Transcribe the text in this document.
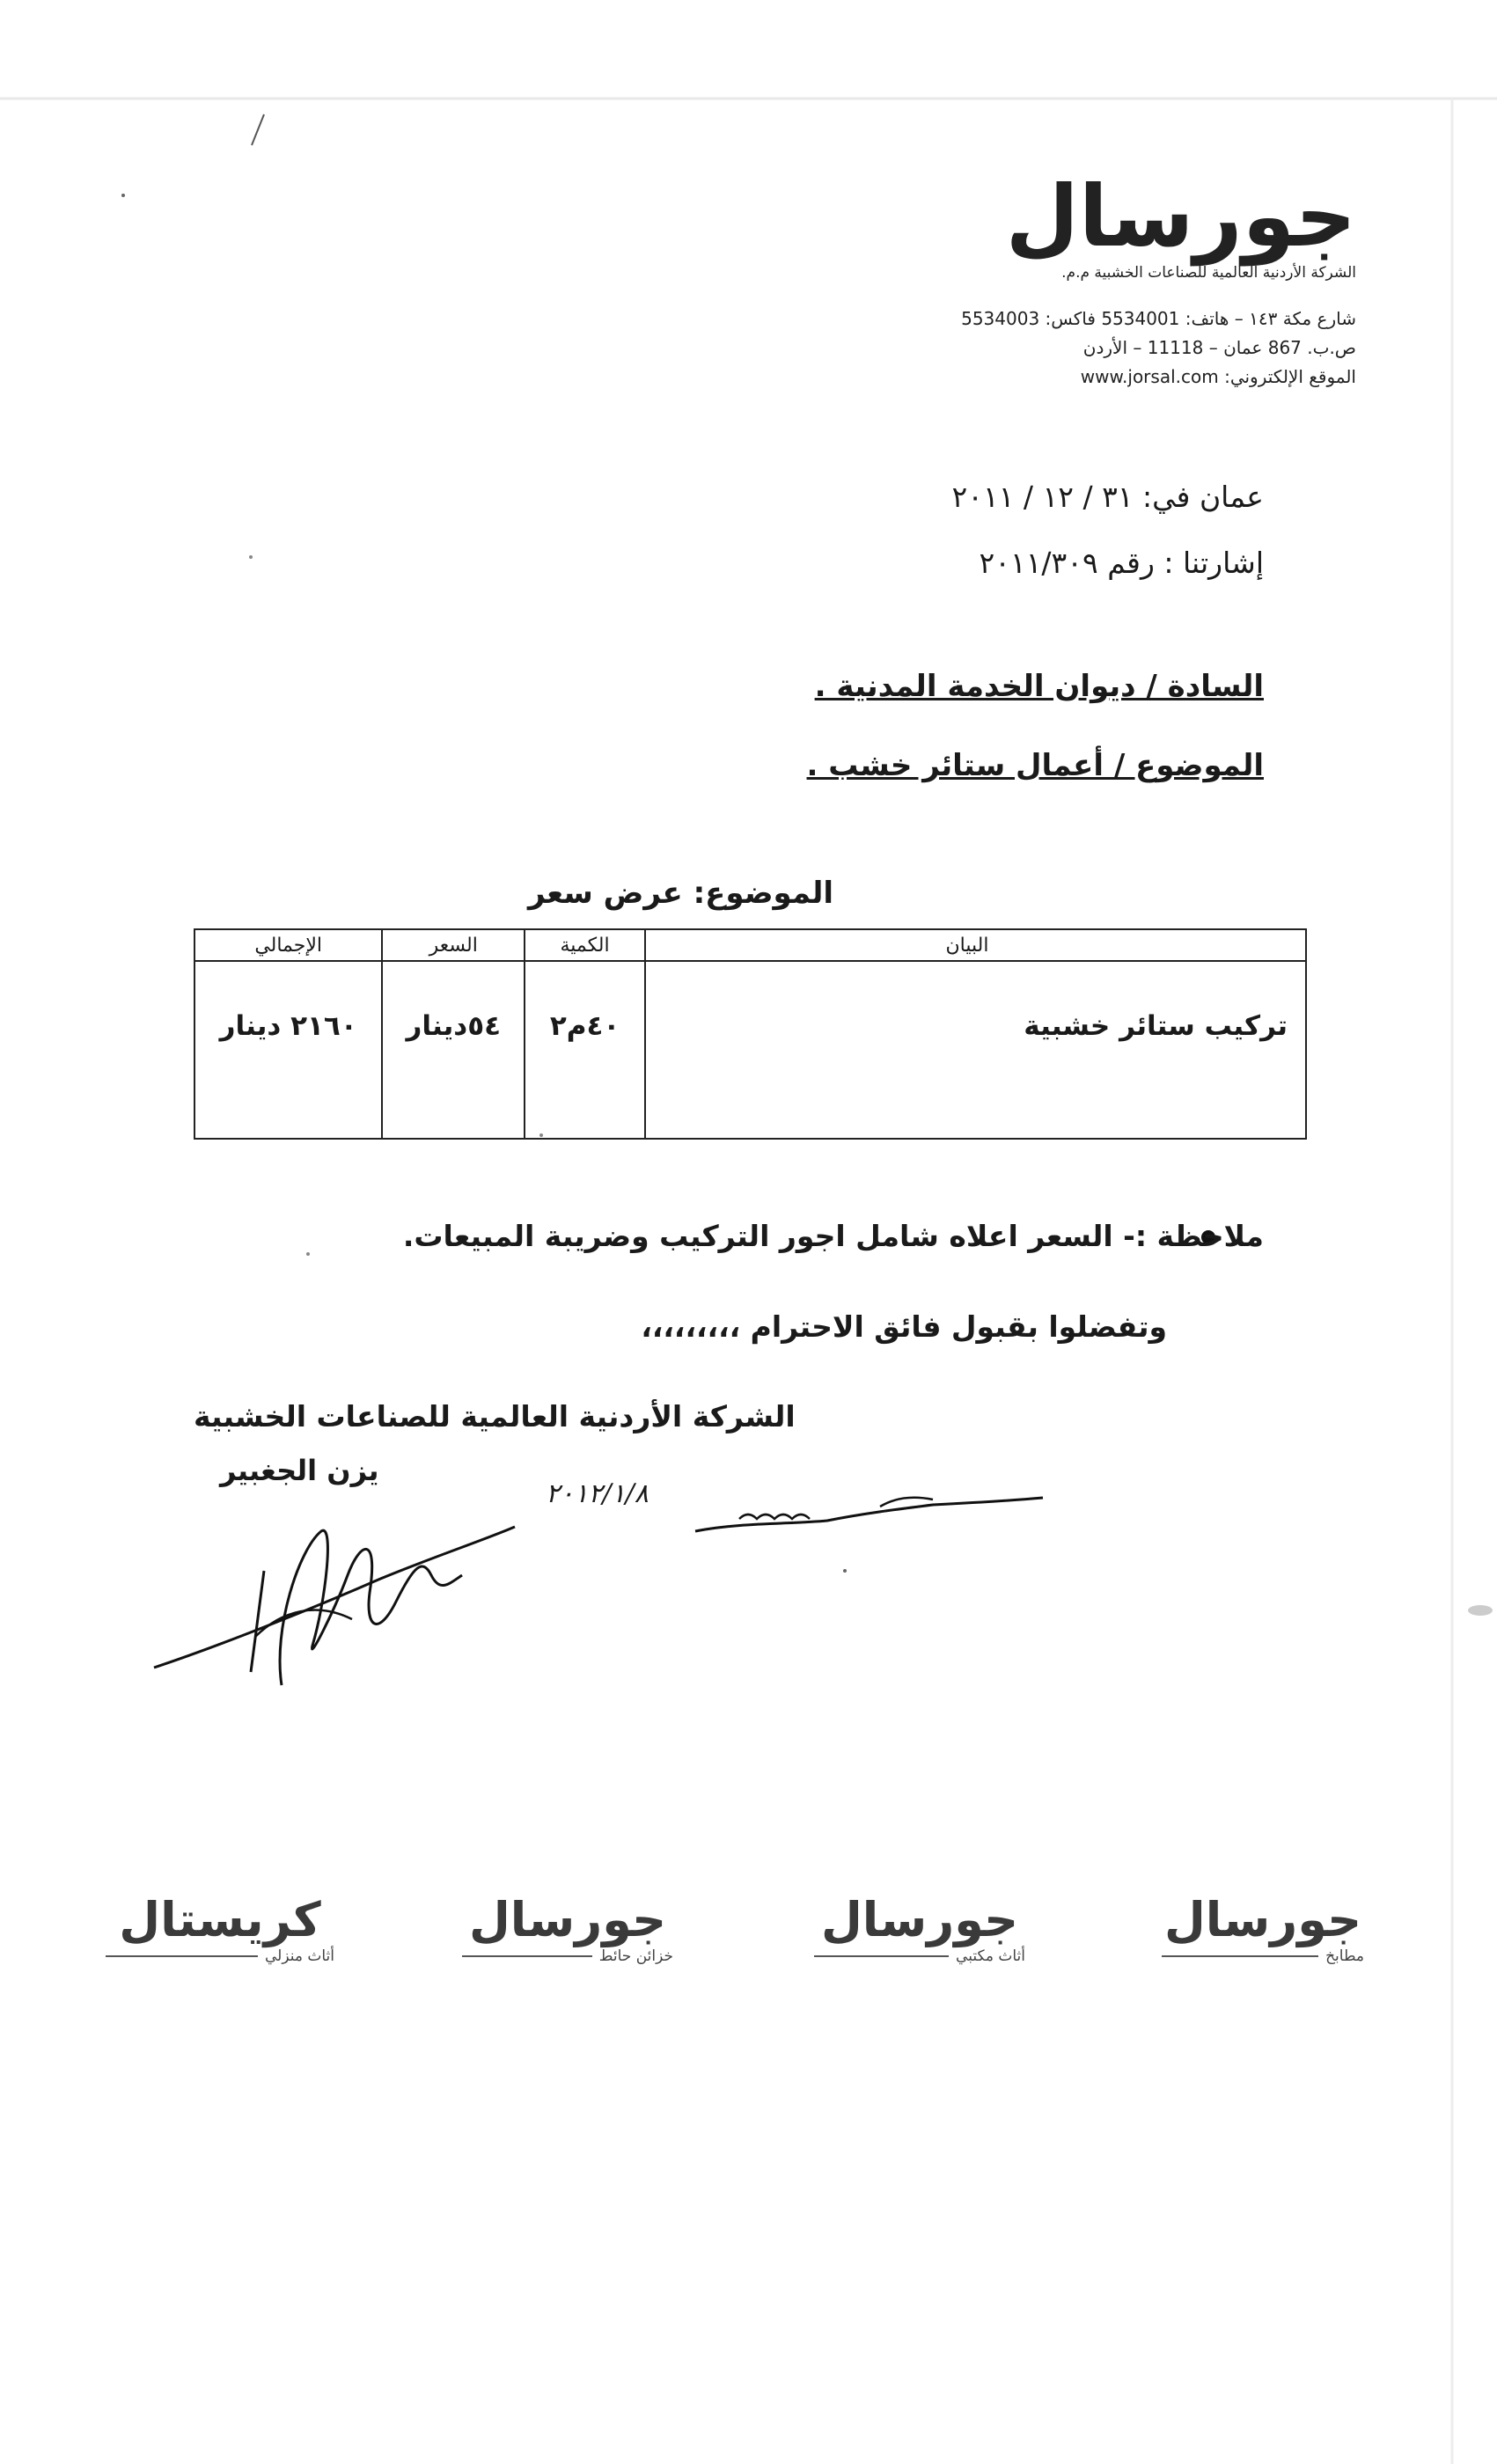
جورسال
الشركة الأردنية العالمية للصناعات الخشبية م.م.
شارع مكة ١٤٣ – هاتف: 5534001 فاكس: 5534003
ص.ب. 867 عمان – 11118 – الأردن
الموقع الإلكتروني: www.jorsal.com
عمان في: ٣١ / ١٢ / ٢٠١١
إشارتنا : رقم ٢٠١١/٣٠٩
السادة / ديوان الخدمة المدنية .
الموضوع / أعمال ستائر خشب .
الموضوع: عرض سعر
البيان	الكمية	السعر	الإجمالي
تركيب ستائر خشبية	٤٠م٢	٥٤دينار	٢١٦٠ دينار
ملاحظة :- السعر اعلاه شامل اجور التركيب وضريبة المبيعات.
وتفضلوا بقبول فائق الاحترام ،،،،،،،،،
الشركة الأردنية العالمية للصناعات الخشبية
يزن الجغبير
٢٠١٢/١/٨
جورسال
مطابخ
جورسال
أثاث مكتبي
جورسال
خزائن حائط
كريستال
أثاث منزلي
